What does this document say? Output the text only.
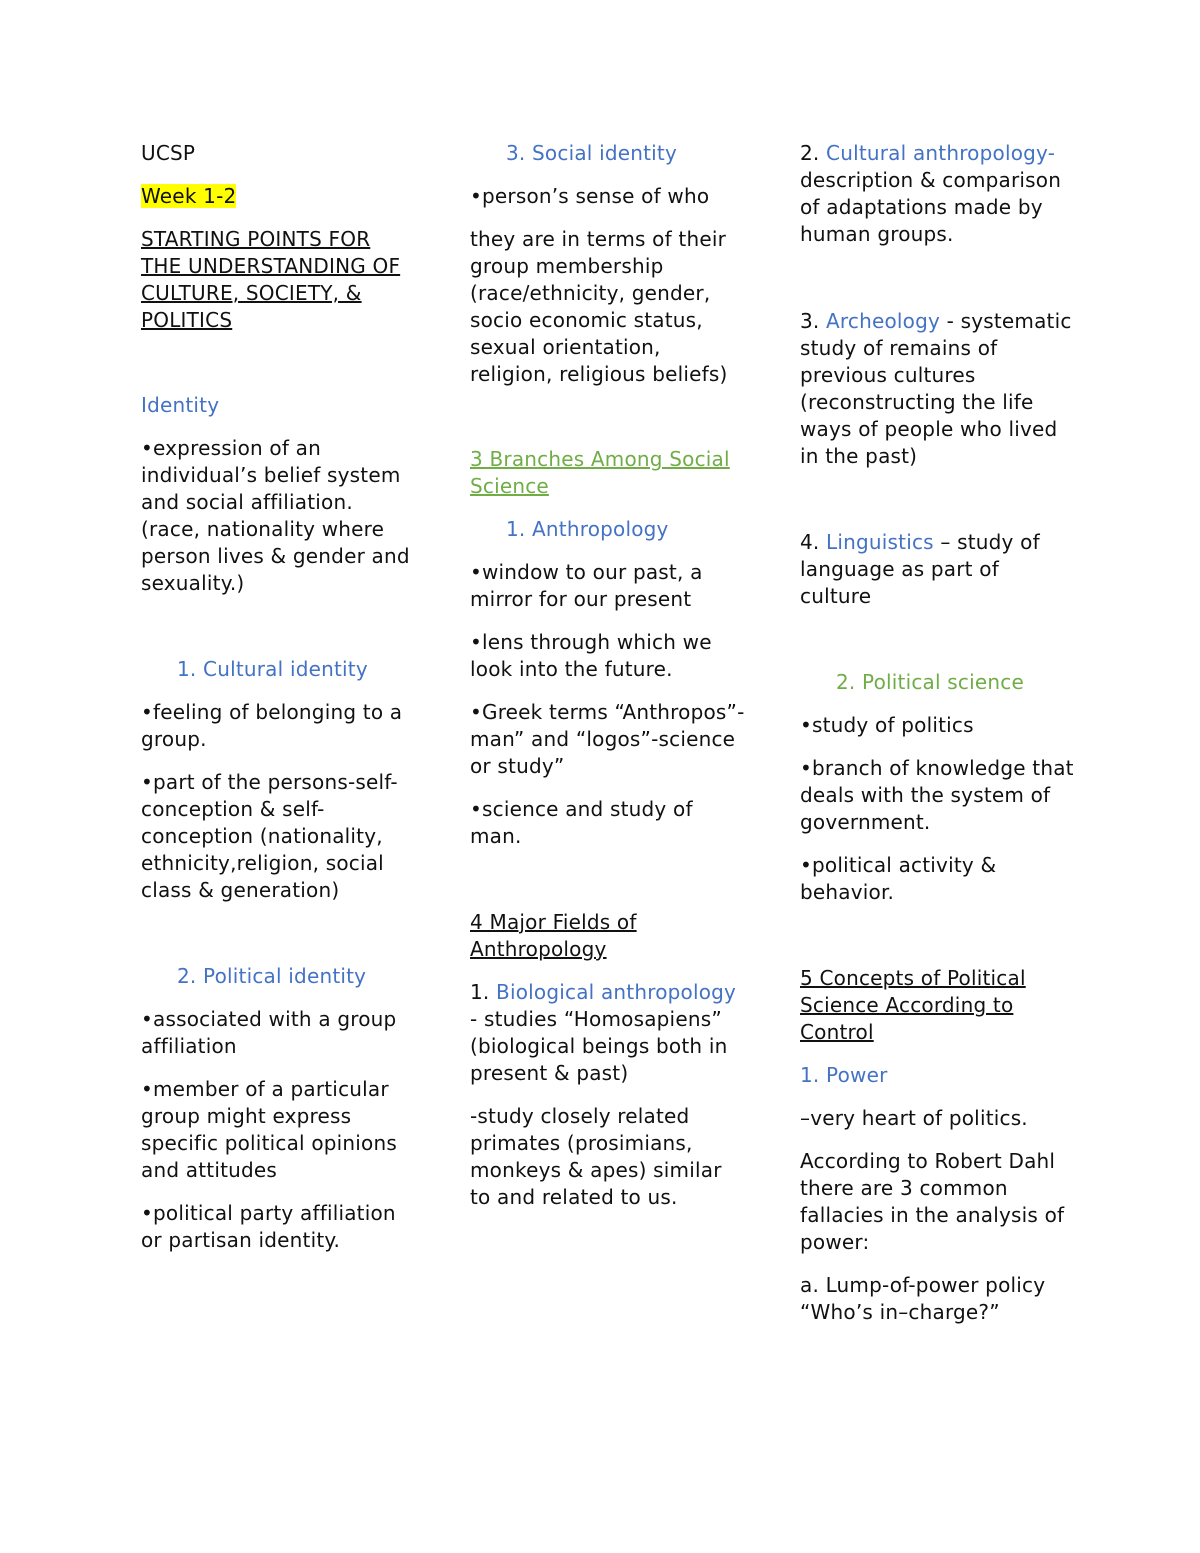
UCSP

Week 1-2

STARTING POINTS FOR THE UNDERSTANDING OF CULTURE, SOCIETY, & POLITICS

Identity

•expression of an individual’s belief system and social affiliation. (race, nationality where person lives & gender and sexuality.)

1. Cultural identity

•feeling of belonging to a group.

•part of the persons-self-conception & self-conception (nationality, ethnicity,religion, social class & generation)

2. Political identity

•associated with a group affiliation

•member of a particular group might express specific political opinions and attitudes

•political party affiliation or partisan identity.

3. Social identity

•person’s sense of who

they are in terms of their group membership (race/ethnicity, gender, socio economic status, sexual orientation, religion, religious beliefs)

3 Branches Among Social Science

1. Anthropology

•window to our past, a mirror for our present

•lens through which we look into the future.

•Greek terms “Anthropos”-man” and “logos”-science or study”

•science and study of man.

4 Major Fields of Anthropology

1. Biological anthropology - studies “Homosapiens” (biological beings both in present & past)

-study closely related primates (prosimians, monkeys & apes) similar to and related to us.

2. Cultural anthropology- description & comparison of adaptations made by human groups.

3. Archeology - systematic study of remains of previous cultures (reconstructing the life ways of people who lived in the past)

4. Linguistics – study of language as part of culture

2. Political science

•study of politics

•branch of knowledge that deals with the system of government.

•political activity & behavior.

5 Concepts of Political Science According to Control

1. Power

–very heart of politics.

According to Robert Dahl there are 3 common fallacies in the analysis of power:

a. Lump-of-power policy “Who’s in–charge?”
